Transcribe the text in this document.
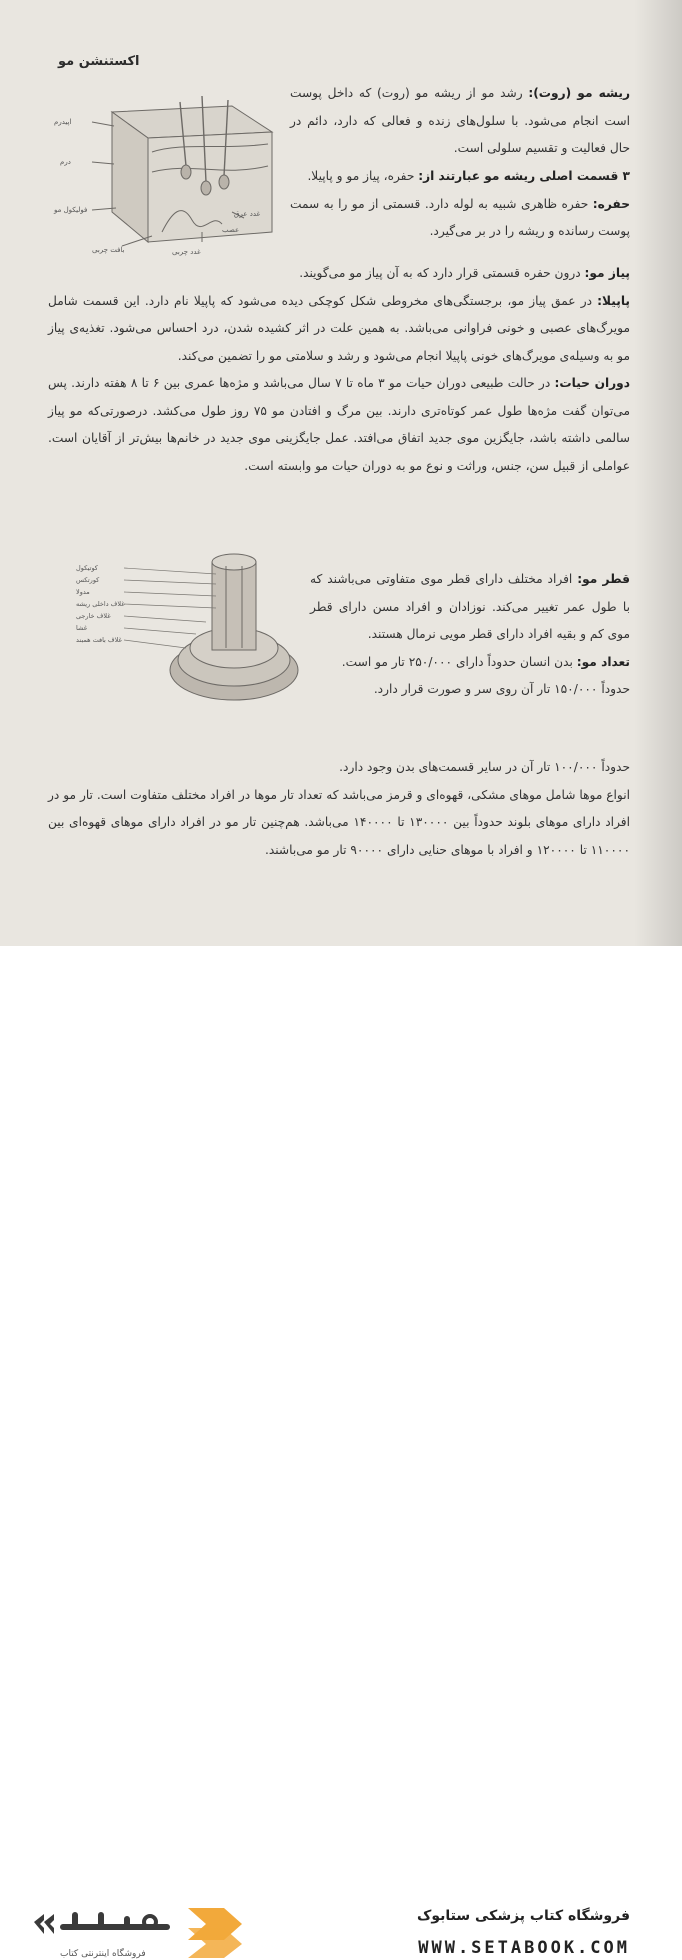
اکستنشن مو
اپیدرم
درم
فولیکول مو
بافت چربی	غدد چربی
غدد عرق
عصب
کوتیکول
کورتکس
مدولا
غلاف داخلی ریشه
غلاف خارجی
غشا
غلاف بافت همبند

ریشه مو (روت): رشد مو از ریشه مو (روت) که داخل پوست است انجام می‌شود. با سلول‌های زنده و فعالی که دارد، دائم در حال فعالیت و تقسیم سلولی است.

۳ قسمت اصلی ریشه مو عبارتند از: حفره، پیاز مو و پاپیلا.

حفره: حفره ظاهری شبیه به لوله دارد. قسمتی از مو را به سمت پوست رسانده و ریشه را در بر می‌گیرد.

پیاز مو: درون حفره قسمتی قرار دارد که به آن پیاز مو می‌گویند.

پاپیلا: در عمق پیاز مو، برجستگی‌های مخروطی شکل کوچکی دیده می‌شود که پاپیلا نام دارد. این قسمت شامل مویرگ‌های عصبی و خونی فراوانی می‌باشد. به همین علت در اثر کشیده شدن، درد احساس می‌شود. تغذیه‌ی پیاز مو به وسیله‌ی مویرگ‌های خونی پاپیلا انجام می‌شود و رشد و سلامتی مو را تضمین می‌کند.

دوران حیات: در حالت طبیعی دوران حیات مو ۳ ماه تا ۷ سال می‌باشد و مژه‌ها عمری بین ۶ تا ۸ هفته دارند. پس می‌توان گفت مژه‌ها طول عمر کوتاه‌تری دارند. بین مرگ و افتادن مو ۷۵ روز طول می‌کشد. درصورتی‌که مو پیاز سالمی داشته باشد، جایگزین موی جدید اتفاق می‌افتد. عمل جایگزینی موی جدید در خانم‌ها بیش‌تر از آقایان است. عواملی از قبیل سن، جنس، وراثت و نوع مو به دوران حیات مو وابسته است.

قطر مو: افراد مختلف دارای قطر موی متفاوتی می‌باشند که با طول عمر تغییر می‌کند. نوزادان و افراد مسن دارای قطر موی کم و بقیه افراد دارای قطر مویی نرمال هستند.

تعداد مو: بدن انسان حدوداً دارای ۲۵۰/۰۰۰ تار مو است.

حدوداً ۱۵۰/۰۰۰ تار آن روی سر و صورت قرار دارد.

حدوداً ۱۰۰/۰۰۰ تار آن در سایر قسمت‌های بدن وجود دارد.

انواع موها شامل موهای مشکی، قهوه‌ای و قرمز می‌باشد که تعداد تار موها در افراد مختلف متفاوت است. تار مو در افراد دارای موهای بلوند حدوداً بین ۱۳۰۰۰۰ تا ۱۴۰۰۰۰ می‌باشد. هم‌چنین تار مو در افراد دارای موهای قهوه‌ای بین ۱۱۰۰۰۰ تا ۱۲۰۰۰۰ و افراد با موهای حنایی دارای ۹۰۰۰۰ تار مو می‌باشند.

فروشگاه اینترنتی کتاب
فروشگاه کتاب پزشکی ستابوک
WWW.SETABOOK.COM
